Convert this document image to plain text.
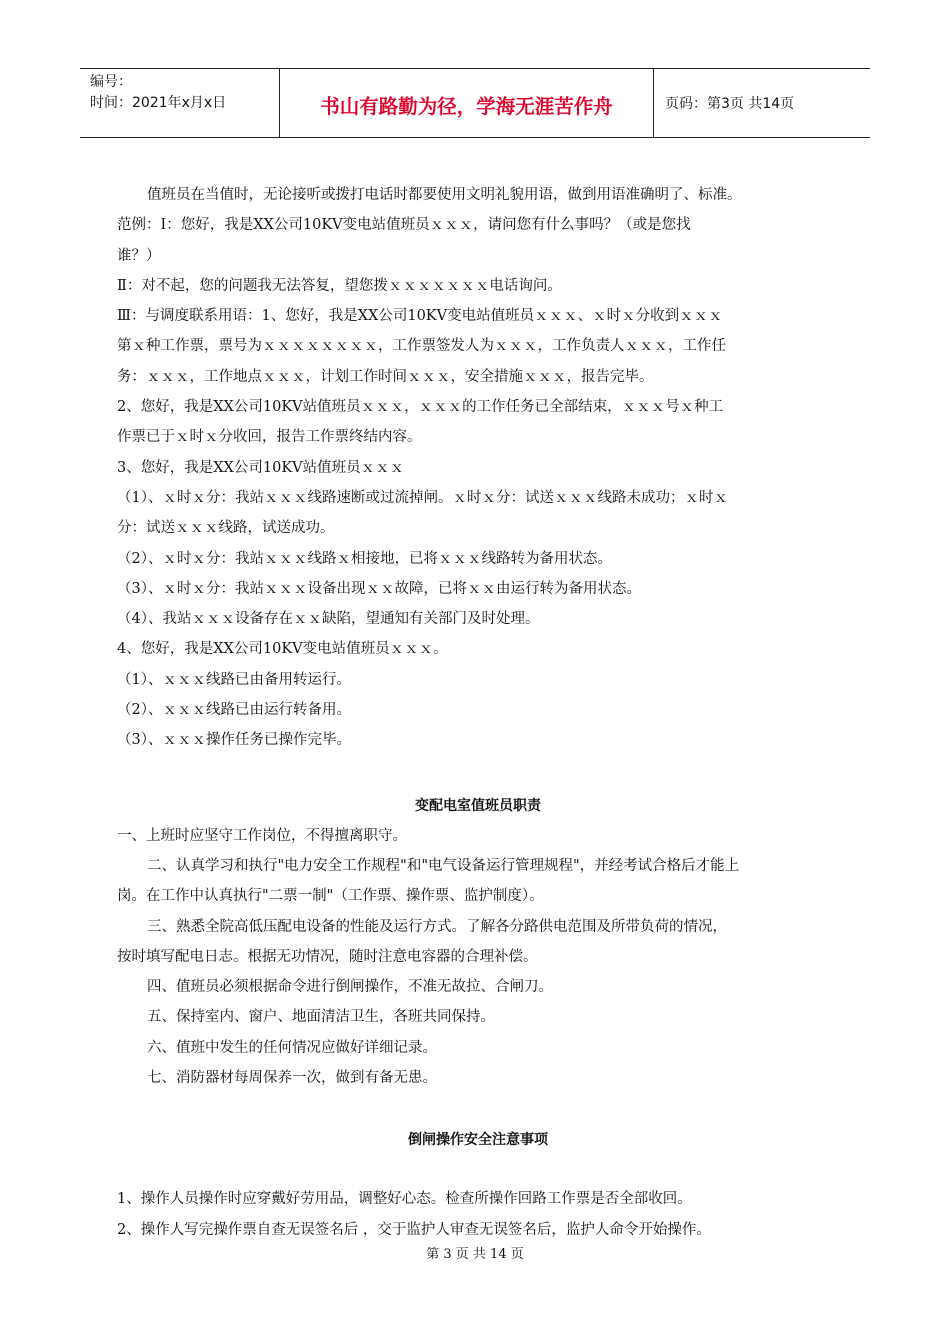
编号：
时间：2021年x月x日	书山有路勤为径，学海无涯苦作舟	页码：第3页 共14页
值班员在当值时，无论接听或拨打电话时都要使用文明礼貌用语，做到用语准确明了、标准。
范例：Ⅰ：您好，我是XX公司10KV变电站值班员ｘｘｘ，请问您有什么事吗？（或是您找
谁？）
Ⅱ：对不起，您的问题我无法答复，望您拨ｘｘｘｘｘｘｘ电话询问。
Ⅲ：与调度联系用语：1、您好，我是XX公司10KV变电站值班员ｘｘｘ、ｘ时ｘ分收到ｘｘｘ
第ｘ种工作票，票号为ｘｘｘｘｘｘｘｘ，工作票签发人为ｘｘｘ，工作负责人ｘｘｘ，工作任
务：ｘｘｘ，工作地点ｘｘｘ，计划工作时间ｘｘｘ，安全措施ｘｘｘ，报告完毕。
2、您好，我是XX公司10KV站值班员ｘｘｘ，ｘｘｘ的工作任务已全部结束，ｘｘｘ号ｘ种工
作票已于ｘ时ｘ分收回，报告工作票终结内容。
3、您好，我是XX公司10KV站值班员ｘｘｘ
（1）、ｘ时ｘ分：我站ｘｘｘ线路速断或过流掉闸。ｘ时ｘ分：试送ｘｘｘ线路未成功；ｘ时ｘ
分：试送ｘｘｘ线路，试送成功。
（2）、ｘ时ｘ分：我站ｘｘｘ线路ｘ相接地，已将ｘｘｘ线路转为备用状态。
（3）、ｘ时ｘ分：我站ｘｘｘ设备出现ｘｘ故障，已将ｘｘ由运行转为备用状态。
（4）、我站ｘｘｘ设备存在ｘｘ缺陷，望通知有关部门及时处理。
4、您好，我是XX公司10KV变电站值班员ｘｘｘ。
（1）、ｘｘｘ线路已由备用转运行。
（2）、ｘｘｘ线路已由运行转备用。
（3）、ｘｘｘ操作任务已操作完毕。
变配电室值班员职责
一、上班时应坚守工作岗位，不得擅离职守。
二、认真学习和执行"电力安全工作规程"和"电气设备运行管理规程"，并经考试合格后才能上
岗。在工作中认真执行"二票一制"（工作票、操作票、监护制度）。
三、熟悉全院高低压配电设备的性能及运行方式。了解各分路供电范围及所带负荷的情况，
按时填写配电日志。根据无功情况，随时注意电容器的合理补偿。
四、值班员必须根据命令进行倒闸操作，不准无故拉、合闸刀。
五、保持室内、窗户、地面清洁卫生，各班共同保持。
六、值班中发生的任何情况应做好详细记录。
七、消防器材每周保养一次，做到有备无患。
倒闸操作安全注意事项
1、操作人员操作时应穿戴好劳用品，调整好心态。检查所操作回路工作票是否全部收回。
2、操作人写完操作票自查无误签名后 ，交于监护人审查无误签名后，监护人命令开始操作。
第 3 页 共 14 页
